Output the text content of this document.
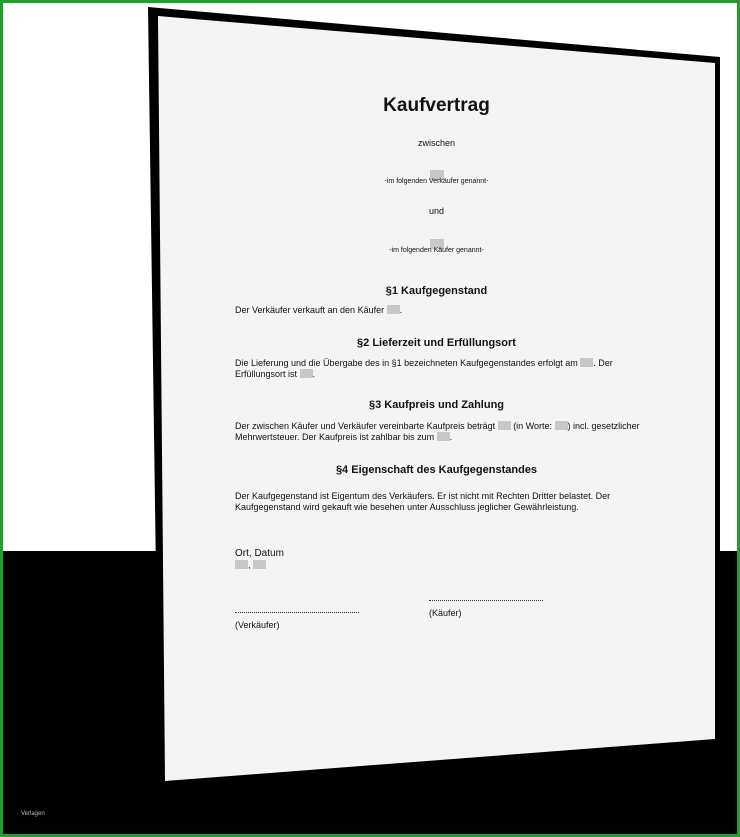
Kaufvertrag
zwischen
-im folgenden Verkäufer genannt-
und
-im folgenden Käufer genannt-
§1 Kaufgegenstand
Der Verkäufer verkauft an den Käufer .
§2 Lieferzeit und Erfüllungsort
Die Lieferung und die Übergabe des in §1 bezeichneten Kaufgegenstandes erfolgt am . Der
Erfüllungsort ist .
§3 Kaufpreis und Zahlung
Der zwischen Käufer und Verkäufer vereinbarte Kaufpreis beträgt (in Worte: ) incl. gesetzlicher
Mehrwertsteuer. Der Kaufpreis ist zahlbar bis zum .
§4 Eigenschaft des Kaufgegenstandes
Der Kaufgegenstand ist Eigentum des Verkäufers. Er ist nicht mit Rechten Dritter belastet. Der
Kaufgegenstand wird gekauft wie besehen unter Ausschluss jeglicher Gewährleistung.
Ort, Datum
,
(Verkäufer)
(Käufer)
Verlagen
